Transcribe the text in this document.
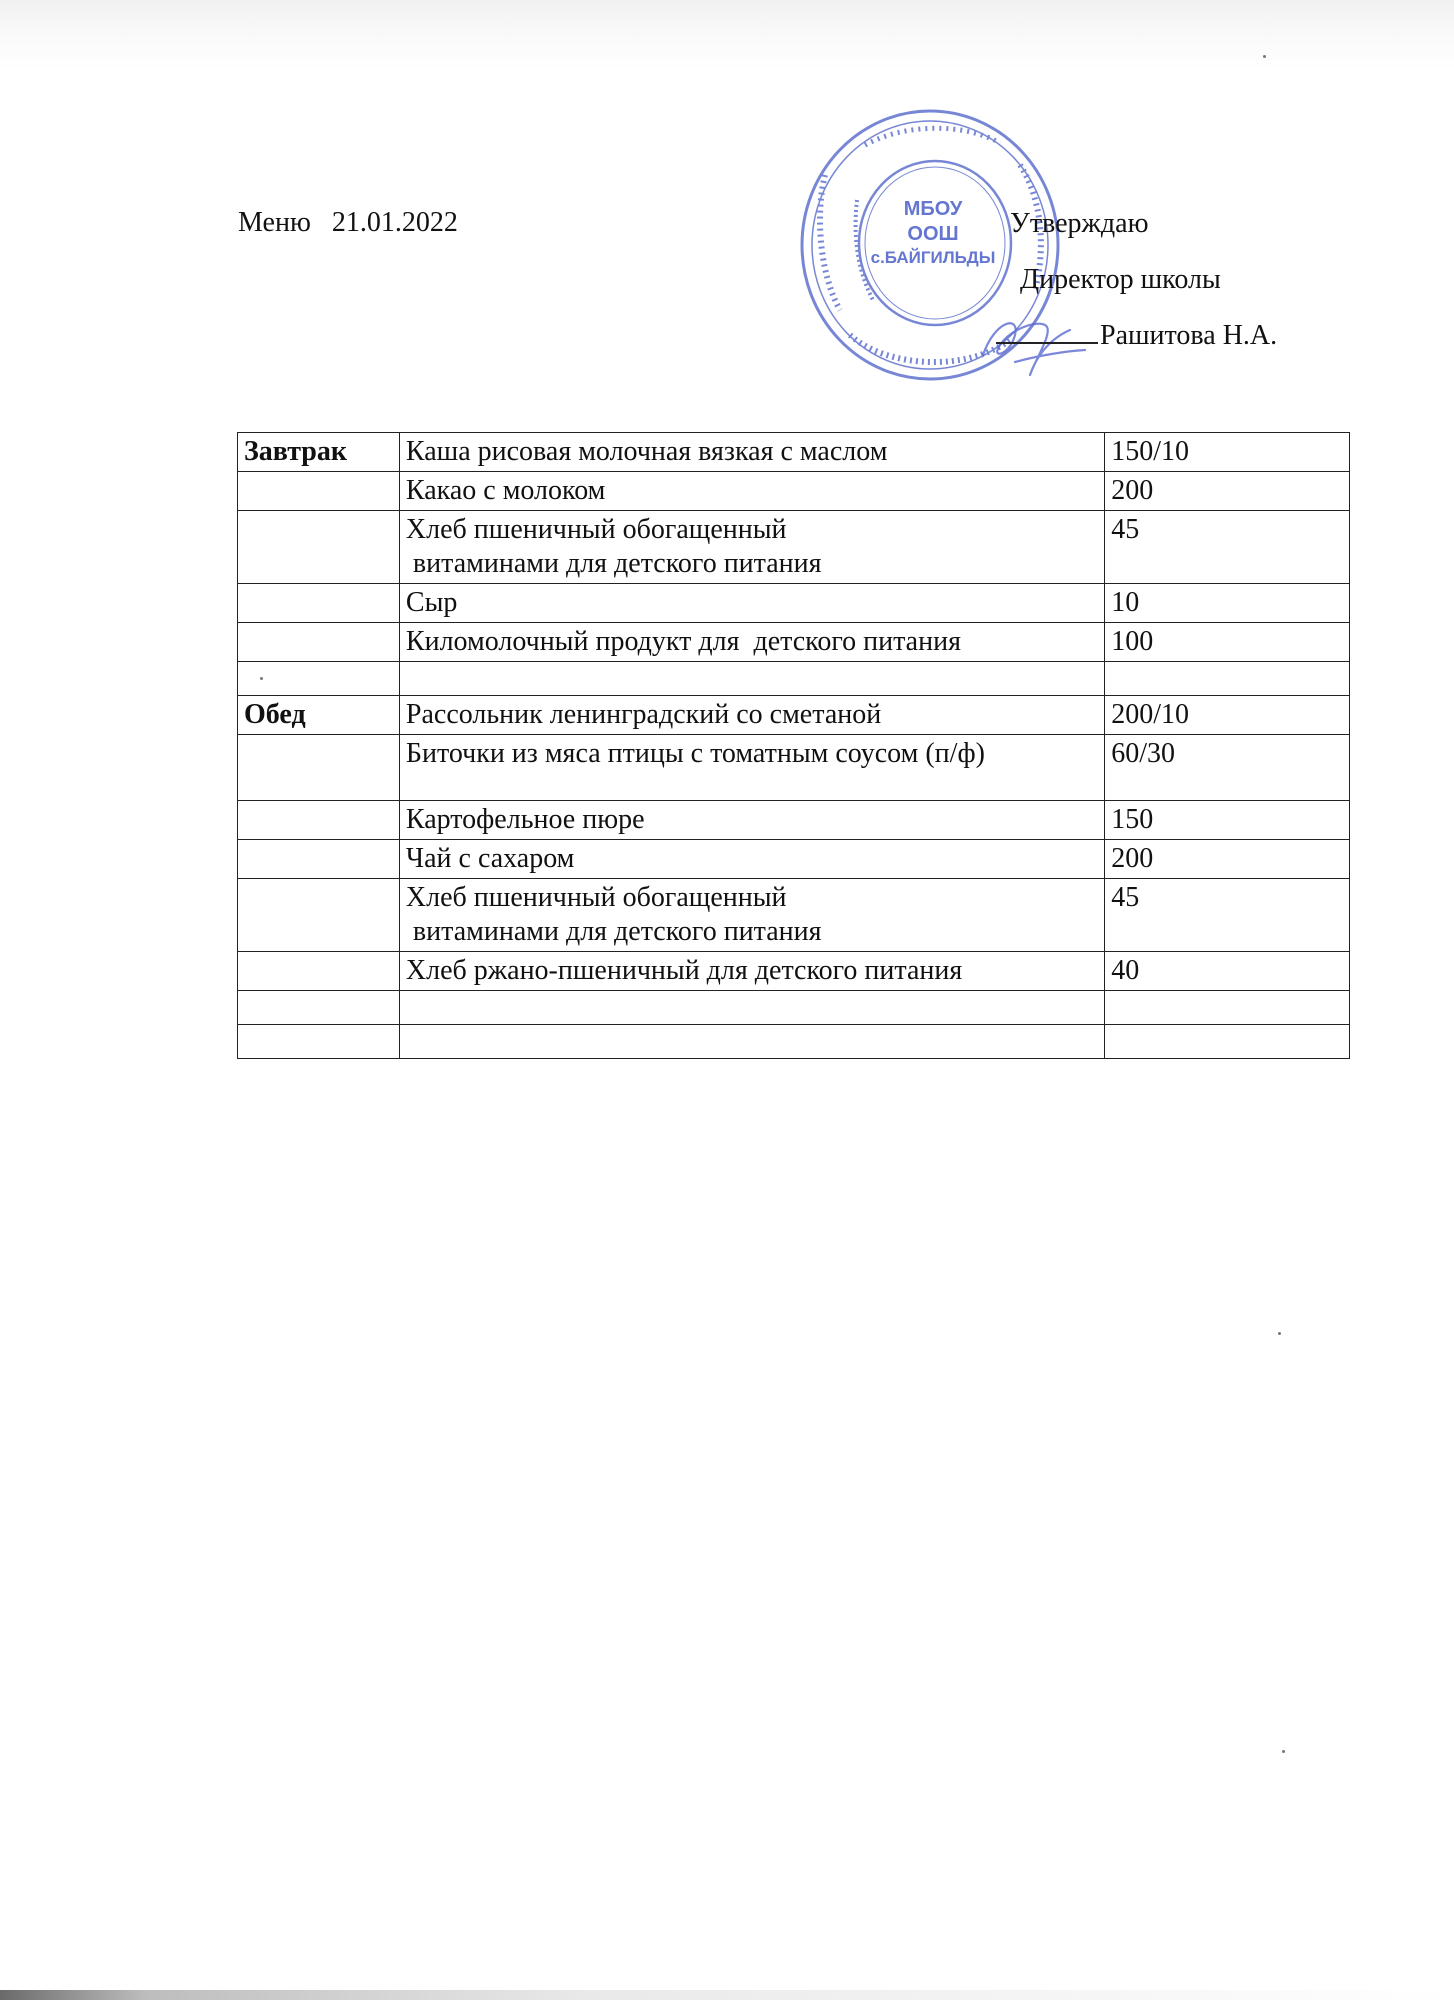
Меню 21.01.2022	МБОУ
ООШ
с.БАЙГИЛЬДЫ
Утверждаю
Директор школы
Рашитова Н.А.
Завтрак	Каша рисовая молочная вязкая с маслом	150/10
	Какао с молоком	200
	Хлеб пшеничный обогащенный
витаминами для детского питания	45
	Сыр	10
	Киломолочный продукт для  детского питания	100

Обед	Рассольник ленинградский со сметаной	200/10
	Биточки из мяса птицы с томатным соусом (п/ф)	60/30
	Картофельное пюре	150
	Чай с сахаром	200
	Хлеб пшеничный обогащенный
витаминами для детского питания	45
	Хлеб ржано-пшеничный для детского питания	40
